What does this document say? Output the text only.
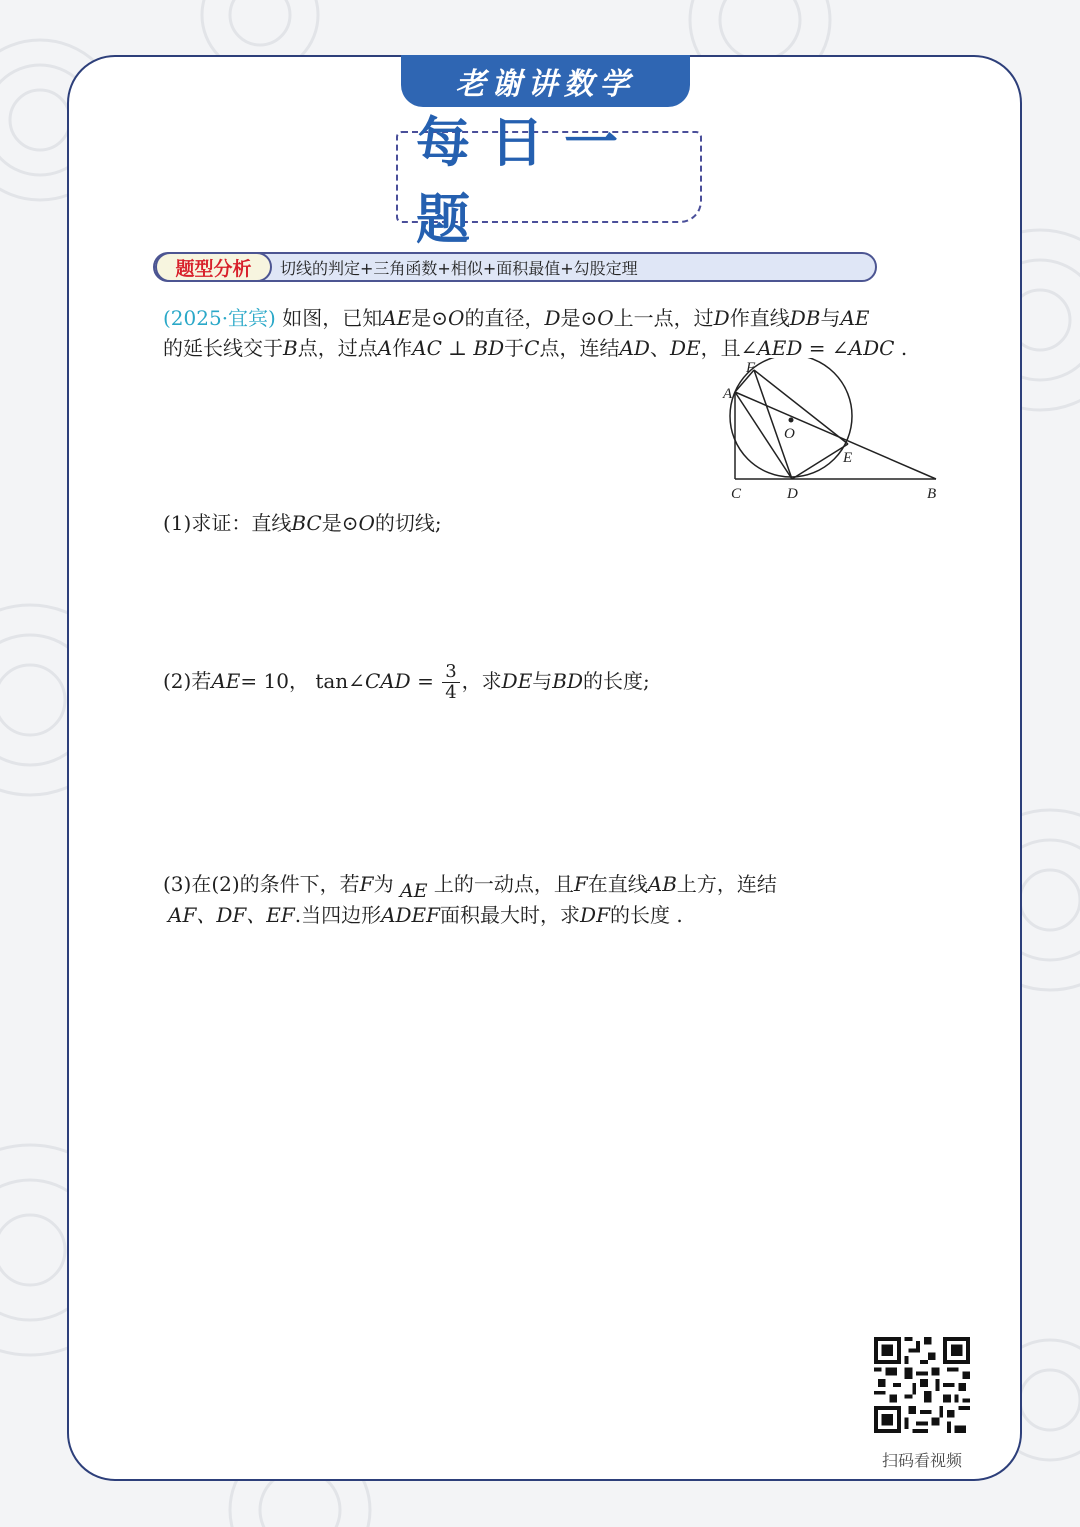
老谢讲数学
每日一题
题型分析	切线的判定+三角函数+相似+面积最值+勾股定理
(2025·宜宾) 如图，已知AE是⊙O的直径，D是⊙O上一点，过D作直线DB与AE
的延长线交于B点，过点A作AC ⊥ BD于C点，连结AD、DE，且∠AED = ∠ADC .
F
A
O
E
C	D	B
(1)求证：直线BC是⊙O的切线;
(2)若AE= 10， tan∠CAD = $\frac{3}{4}$ ，求DE与BD的长度;
(3)在(2)的条件下，若F为 AE 上的一动点，且F在直线AB上方，连结
AF、DF、EF.当四边形ADEF面积最大时，求DF的长度 .
扫码看视频
